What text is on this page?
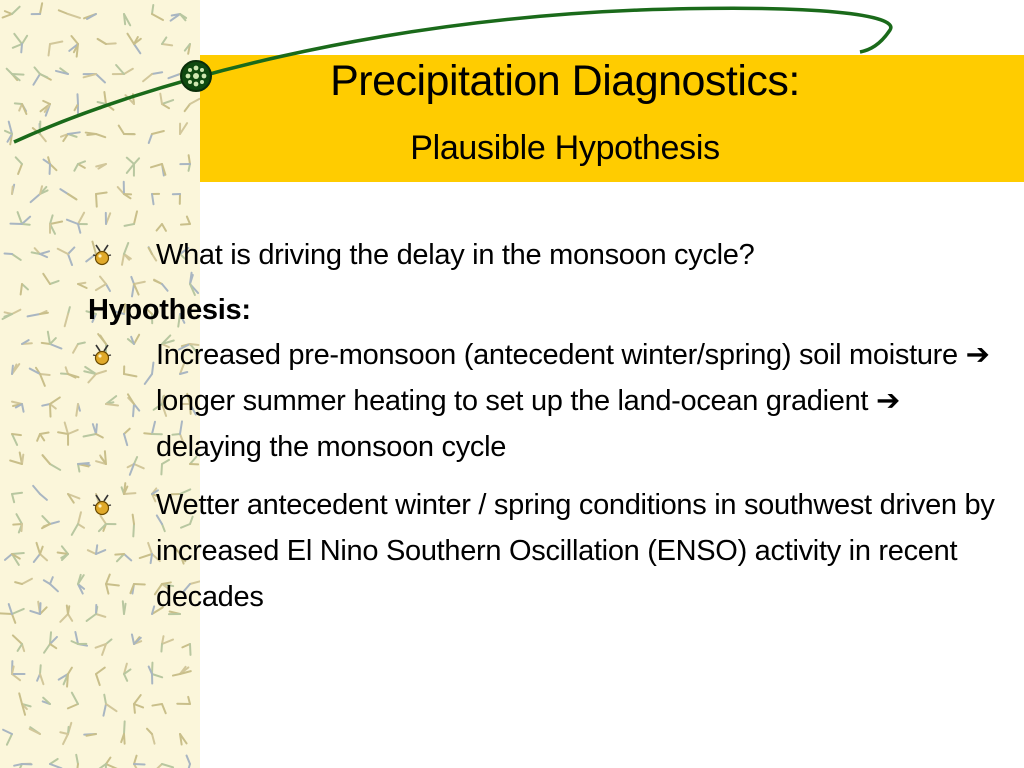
Precipitation Diagnostics:
Plausible Hypothesis
What is driving the delay in the monsoon cycle?
Hypothesis:
Increased pre-monsoon (antecedent winter/spring) soil moisture ➔ longer summer heating to set up the land-ocean gradient ➔ delaying the monsoon cycle
Wetter antecedent winter / spring conditions in southwest driven by increased El Nino Southern Oscillation (ENSO) activity in recent decades
